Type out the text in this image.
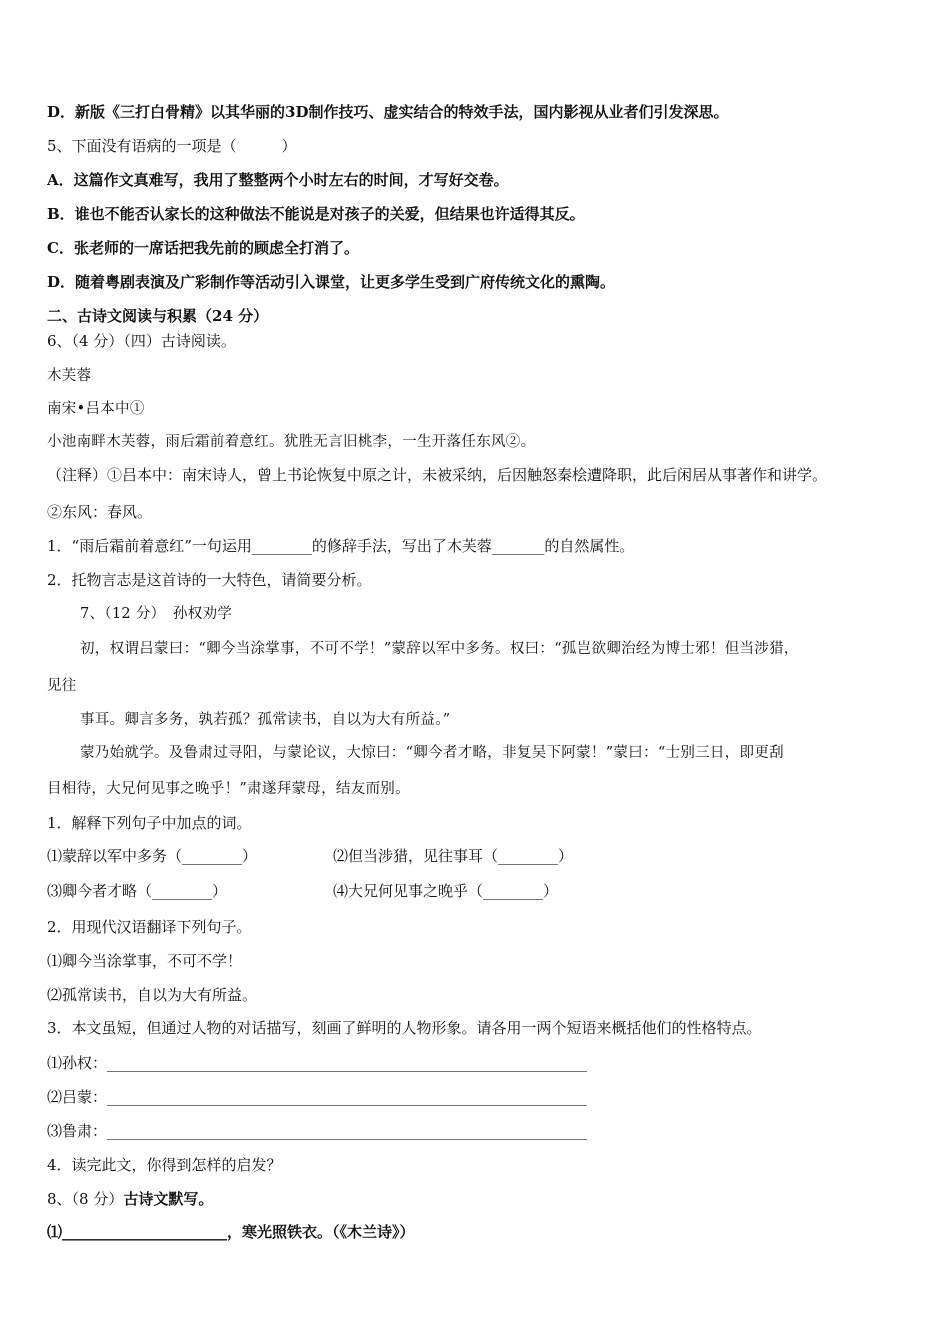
D．新版《三打白骨精》以其华丽的3D制作技巧、虚实结合的特效手法，国内影视从业者们引发深思。
5、下面没有语病的一项是（　　　）
A．这篇作文真难写，我用了整整两个小时左右的时间，才写好交卷。
B．谁也不能否认家长的这种做法不能说是对孩子的关爱，但结果也许适得其反。
C．张老师的一席话把我先前的顾虑全打消了。
D．随着粤剧表演及广彩制作等活动引入课堂，让更多学生受到广府传统文化的熏陶。
二、古诗文阅读与积累（24 分）
6、（4 分）（四）古诗阅读。
木芙蓉
南宋•吕本中①
小池南畔木芙蓉，雨后霜前着意红。犹胜无言旧桃李，一生开落任东风②。
（注释）①吕本中：南宋诗人，曾上书论恢复中原之计，未被采纳，后因触怒秦桧遭降职，此后闲居从事著作和讲学。
②东风：春风。
1．“雨后霜前着意红”一句运用________的修辞手法，写出了木芙蓉_______的自然属性。
2．托物言志是这首诗的一大特色，请简要分析。
7、（12 分）　孙权劝学
初，权谓吕蒙曰：“卿今当涂掌事，不可不学！”蒙辞以军中多务。权曰：“孤岂欲卿治经为博士邪！但当涉猎，
见往
事耳。卿言多务，孰若孤？孤常读书，自以为大有所益。”
蒙乃始就学。及鲁肃过寻阳，与蒙论议，大惊曰：“卿今者才略，非复吴下阿蒙！”蒙曰：“士别三日，即更刮
目相待，大兄何见事之晚乎！”肃遂拜蒙母，结友而别。
1．解释下列句子中加点的词。
⑴蒙辞以军中多务（________）	⑵但当涉猎，见往事耳（________）
⑶卿今者才略（________）	⑷大兄何见事之晚乎（________）
2．用现代汉语翻译下列句子。
⑴卿今当涂掌事，不可不学！
⑵孤常读书，自以为大有所益。
3．本文虽短，但通过人物的对话描写，刻画了鲜明的人物形象。请各用一两个短语来概括他们的性格特点。
⑴孙权：________________________________________________________________
⑵吕蒙：________________________________________________________________
⑶鲁肃：________________________________________________________________
4．读完此文，你得到怎样的启发？
8、（8 分）古诗文默写。
⑴______________________，寒光照铁衣。（《木兰诗》）
